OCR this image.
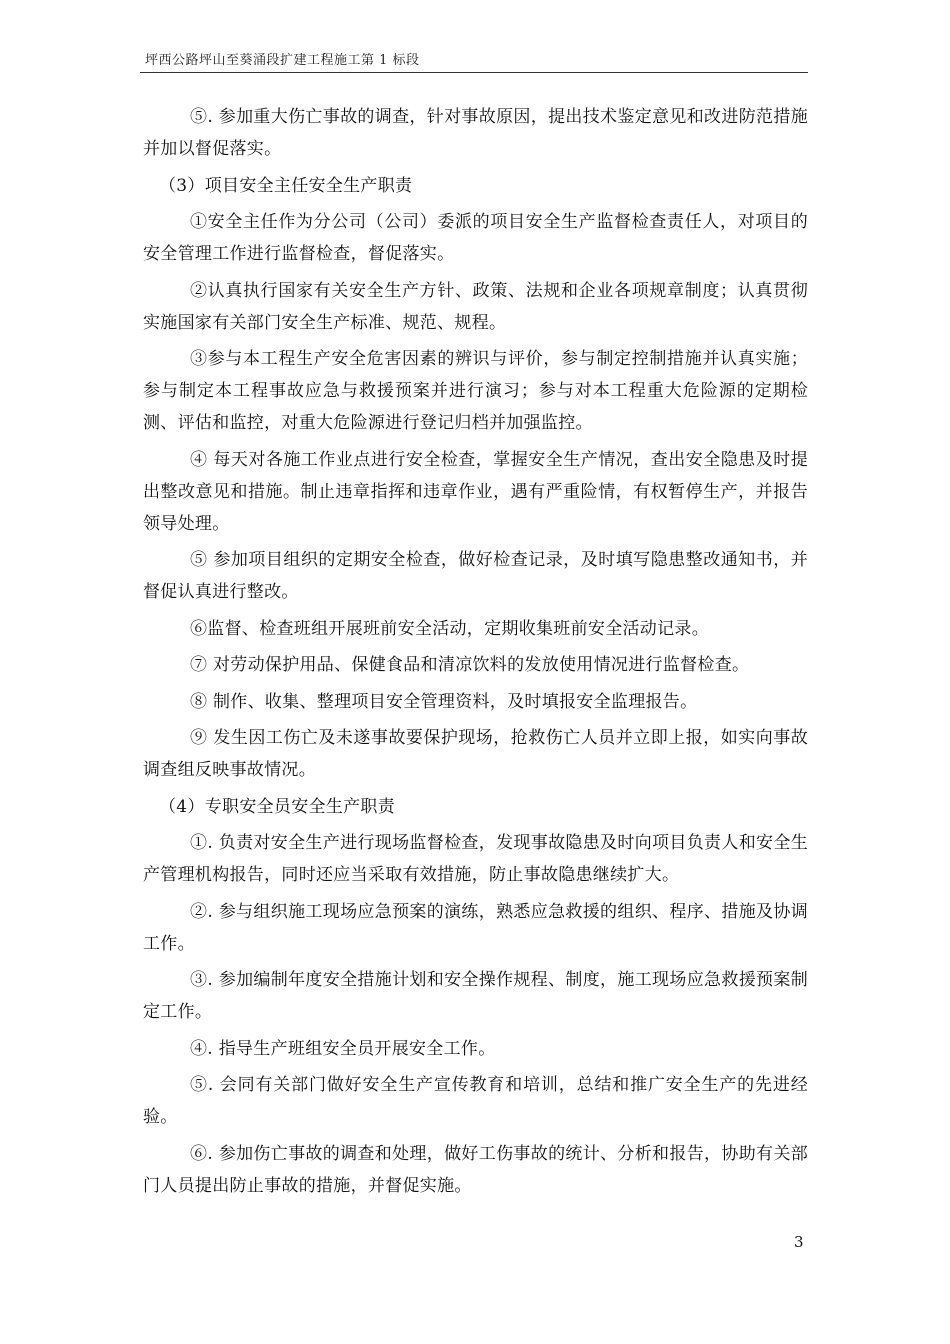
坪西公路坪山至葵涌段扩建工程施工第 1 标段

⑤. 参加重大伤亡事故的调查，针对事故原因，提出技术鉴定意见和改进防范措施并加以督促落实。

（3）项目安全主任安全生产职责

①安全主任作为分公司（公司）委派的项目安全生产监督检查责任人，对项目的安全管理工作进行监督检查，督促落实。

②认真执行国家有关安全生产方针、政策、法规和企业各项规章制度；认真贯彻实施国家有关部门安全生产标准、规范、规程。

③参与本工程生产安全危害因素的辨识与评价，参与制定控制措施并认真实施；参与制定本工程事故应急与救援预案并进行演习；参与对本工程重大危险源的定期检测、评估和监控，对重大危险源进行登记归档并加强监控。

④ 每天对各施工作业点进行安全检查，掌握安全生产情况，查出安全隐患及时提出整改意见和措施。制止违章指挥和违章作业，遇有严重险情，有权暂停生产，并报告领导处理。

⑤ 参加项目组织的定期安全检查，做好检查记录，及时填写隐患整改通知书，并督促认真进行整改。

⑥监督、检查班组开展班前安全活动，定期收集班前安全活动记录。

⑦ 对劳动保护用品、保健食品和清凉饮料的发放使用情况进行监督检查。

⑧ 制作、收集、整理项目安全管理资料，及时填报安全监理报告。

⑨ 发生因工伤亡及未遂事故要保护现场，抢救伤亡人员并立即上报，如实向事故调查组反映事故情况。

（4）专职安全员安全生产职责

①. 负责对安全生产进行现场监督检查，发现事故隐患及时向项目负责人和安全生产管理机构报告，同时还应当采取有效措施，防止事故隐患继续扩大。

②. 参与组织施工现场应急预案的演练，熟悉应急救援的组织、程序、措施及协调工作。

③. 参加编制年度安全措施计划和安全操作规程、制度，施工现场应急救援预案制定工作。

④. 指导生产班组安全员开展安全工作。

⑤. 会同有关部门做好安全生产宣传教育和培训，总结和推广安全生产的先进经验。

⑥. 参加伤亡事故的调查和处理，做好工伤事故的统计、分析和报告，协助有关部门人员提出防止事故的措施，并督促实施。

3
